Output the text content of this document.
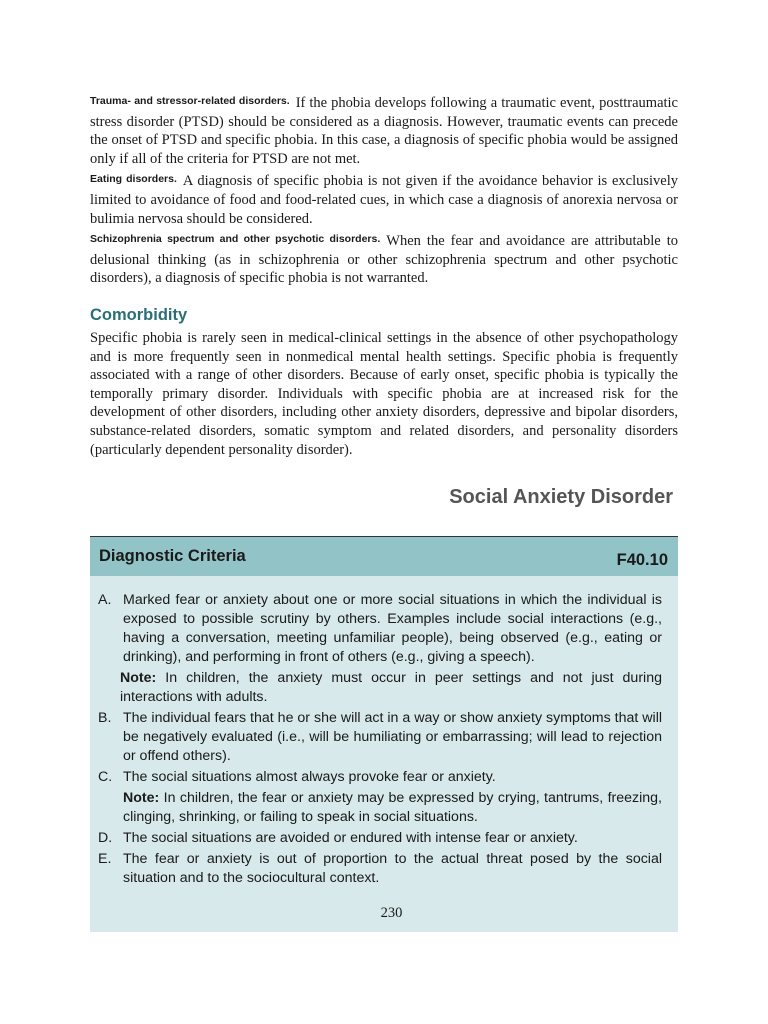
$^{Trauma- and stressor-related disorders.}$ If the phobia develops following a traumatic event, posttraumatic stress disorder (PTSD) should be considered as a diagnosis. However, traumatic events can precede the onset of PTSD and specific phobia. In this case, a diagnosis of specific phobia would be assigned only if all of the criteria for PTSD are not met.

$^{Eating disorders.}$ A diagnosis of specific phobia is not given if the avoidance behavior is exclusively limited to avoidance of food and food-related cues, in which case a diagnosis of anorexia nervosa or bulimia nervosa should be considered.

$^{Schizophrenia spectrum and other psychotic disorders.}$ When the fear and avoidance are attributable to delusional thinking (as in schizophrenia or other schizophrenia spectrum and other psychotic disorders), a diagnosis of specific phobia is not warranted.

Comorbidity

Specific phobia is rarely seen in medical-clinical settings in the absence of other psychopathology and is more frequently seen in nonmedical mental health settings. Specific phobia is frequently associated with a range of other disorders. Because of early onset, specific phobia is typically the temporally primary disorder. Individuals with specific phobia are at increased risk for the development of other disorders, including other anxiety disorders, depressive and bipolar disorders, substance-related disorders, somatic symptom and related disorders, and personality disorders (particularly dependent personality disorder).

Social Anxiety Disorder
Diagnostic Criteria	F40.10
A. Marked fear or anxiety about one or more social situations in which the individual is exposed to possible scrutiny by others. Examples include social interactions (e.g., having a conversation, meeting unfamiliar people), being observed (e.g., eating or drinking), and performing in front of others (e.g., giving a speech).
Note: In children, the anxiety must occur in peer settings and not just during interactions with adults.
B. The individual fears that he or she will act in a way or show anxiety symptoms that will be negatively evaluated (i.e., will be humiliating or embarrassing; will lead to rejection or offend others).
C. The social situations almost always provoke fear or anxiety.
Note: In children, the fear or anxiety may be expressed by crying, tantrums, freezing, clinging, shrinking, or failing to speak in social situations.
D. The social situations are avoided or endured with intense fear or anxiety.
E. The fear or anxiety is out of proportion to the actual threat posed by the social situation and to the sociocultural context.
230
